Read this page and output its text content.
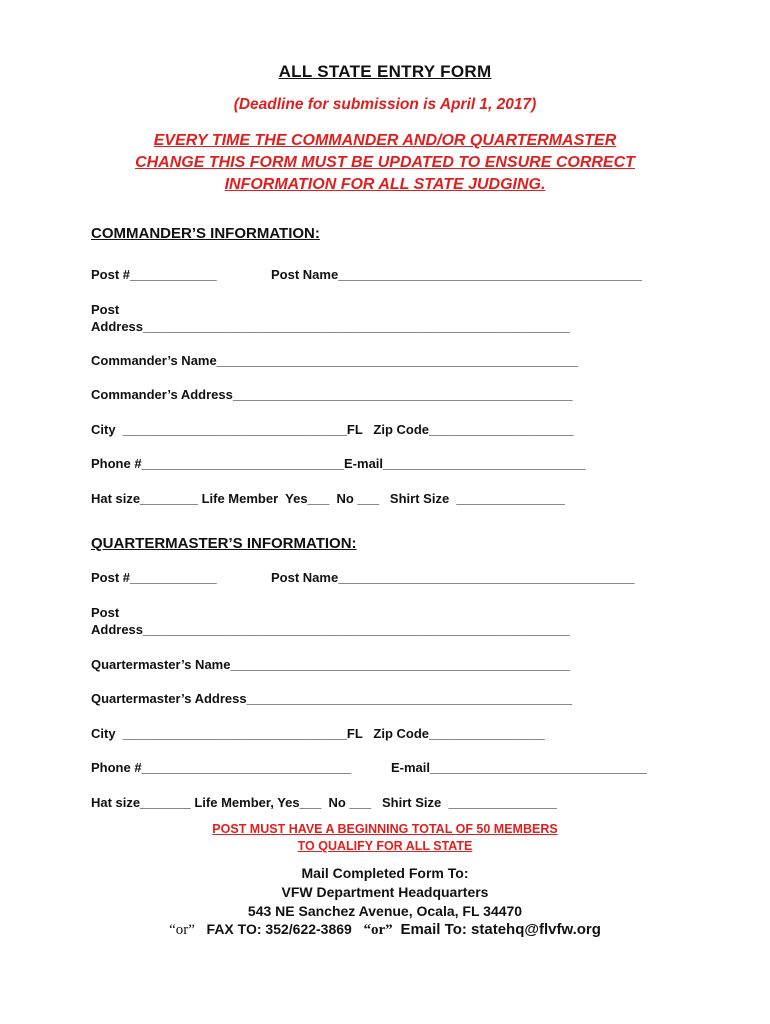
ALL STATE ENTRY FORM
(Deadline for submission is April 1, 2017)
EVERY TIME THE COMMANDER AND/OR QUARTERMASTER
CHANGE THIS FORM MUST BE UPDATED TO ENSURE CORRECT
INFORMATION FOR ALL STATE JUDGING.
COMMANDER’S INFORMATION:
Post #____________	Post Name__________________________________________
Post
Address___________________________________________________________
Commander’s Name__________________________________________________
Commander’s Address_______________________________________________
City  _______________________________FL   Zip Code____________________
Phone #____________________________E-mail____________________________
Hat size________ Life Member  Yes___  No ___   Shirt Size  _______________
QUARTERMASTER’S INFORMATION:
Post #____________	Post Name_________________________________________
Post
Address___________________________________________________________
Quartermaster’s Name_______________________________________________
Quartermaster’s Address_____________________________________________
City  _______________________________FL   Zip Code________________
Phone #_____________________________	E-mail______________________________
Hat size_______ Life Member, Yes___  No ___   Shirt Size  _______________
POST MUST HAVE A BEGINNING TOTAL OF 50 MEMBERS
TO QUALIFY FOR ALL STATE
Mail Completed Form To:
VFW Department Headquarters
543 NE Sanchez Avenue, Ocala, FL 34470
“or” FAX TO: 352/622-3869 “or” Email To: statehq@flvfw.org
